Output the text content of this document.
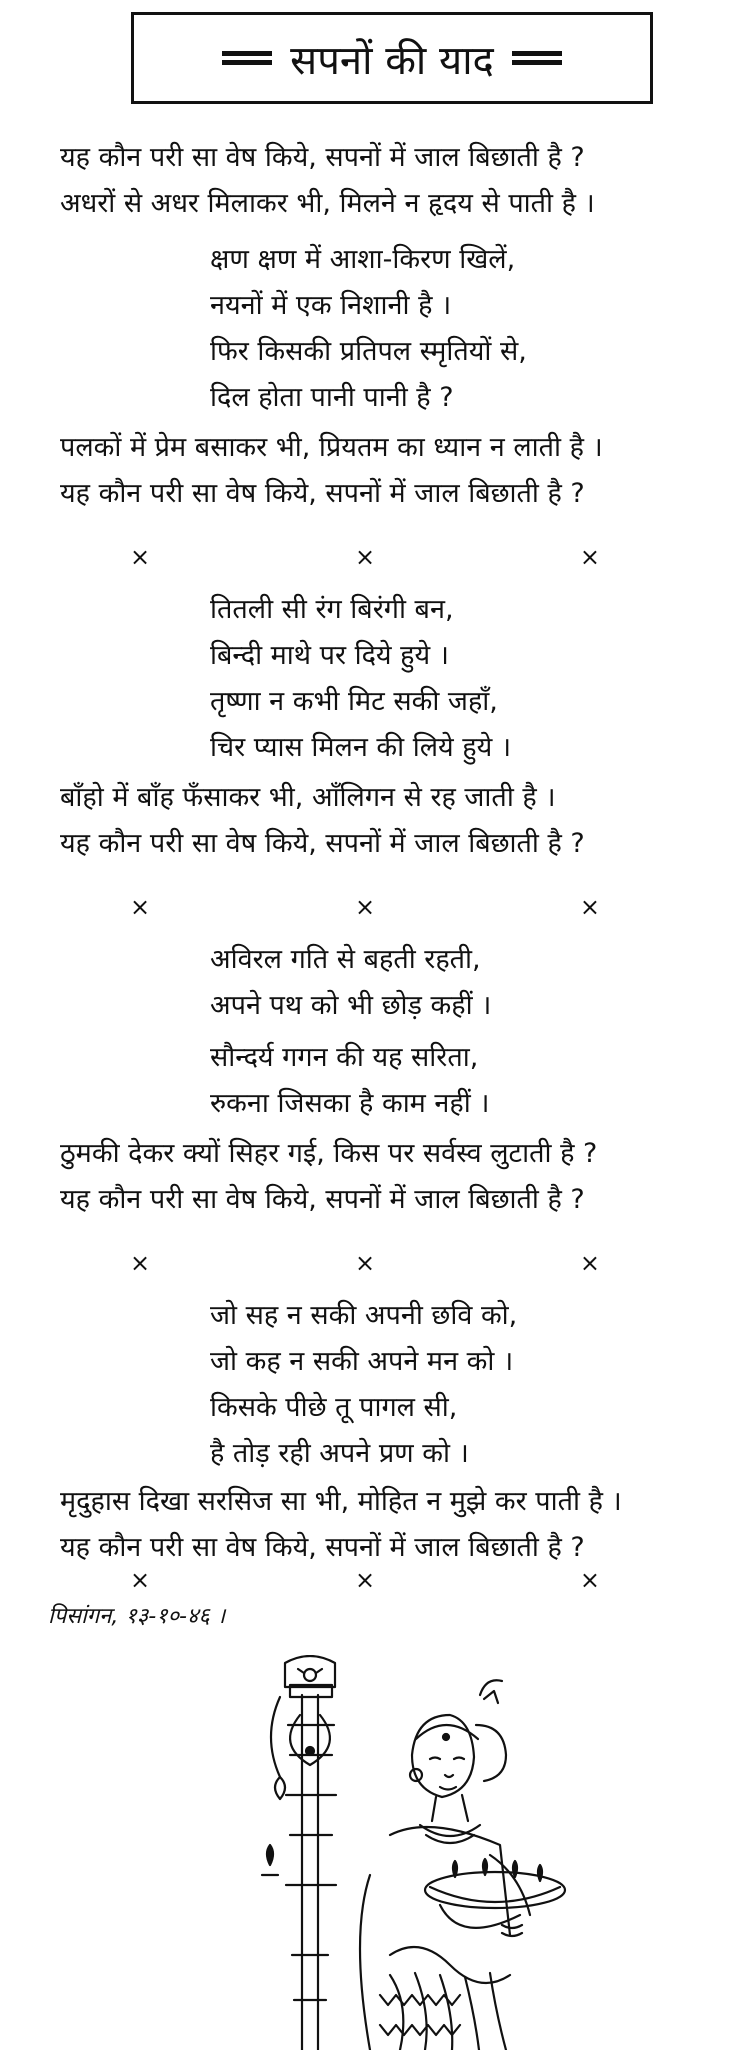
सपनों की याद
यह कौन परी सा वेष किये, सपनों में जाल बिछाती है ?
अधरों से अधर मिलाकर भी, मिलने न हृदय से पाती है ।
क्षण क्षण में आशा-किरण खिलें,
नयनों में एक निशानी है ।
फिर किसकी प्रतिपल स्मृतियों से,
दिल होता पानी पानी है ?
पलकों में प्रेम बसाकर भी, प्रियतम का ध्यान न लाती है ।
यह कौन परी सा वेष किये, सपनों में जाल बिछाती है ?
×	×	×
तितली सी रंग बिरंगी बन,
बिन्दी माथे पर दिये हुये ।
तृष्णा न कभी मिट सकी जहाँ,
चिर प्यास मिलन की लिये हुये ।
बाँहो में बाँह फँसाकर भी, आँलिगन से रह जाती है ।
यह कौन परी सा वेष किये, सपनों में जाल बिछाती है ?
×	×	×
अविरल गति से बहती रहती,
अपने पथ को भी छोड़ कहीं ।
सौन्दर्य गगन की यह सरिता,
रुकना जिसका है काम नहीं ।
ठुमकी देकर क्यों सिहर गई, किस पर सर्वस्व लुटाती है ?
यह कौन परी सा वेष किये, सपनों में जाल बिछाती है ?
×	×	×
जो सह न सकी अपनी छवि को,
जो कह न सकी अपने मन को ।
किसके पीछे तू पागल सी,
है तोड़ रही अपने प्रण को ।
मृदुहास दिखा सरसिज सा भी, मोहित न मुझे कर पाती है ।
यह कौन परी सा वेष किये, सपनों में जाल बिछाती है ?
×	×	×
पिसांगन, १३-१०-४६ ।
